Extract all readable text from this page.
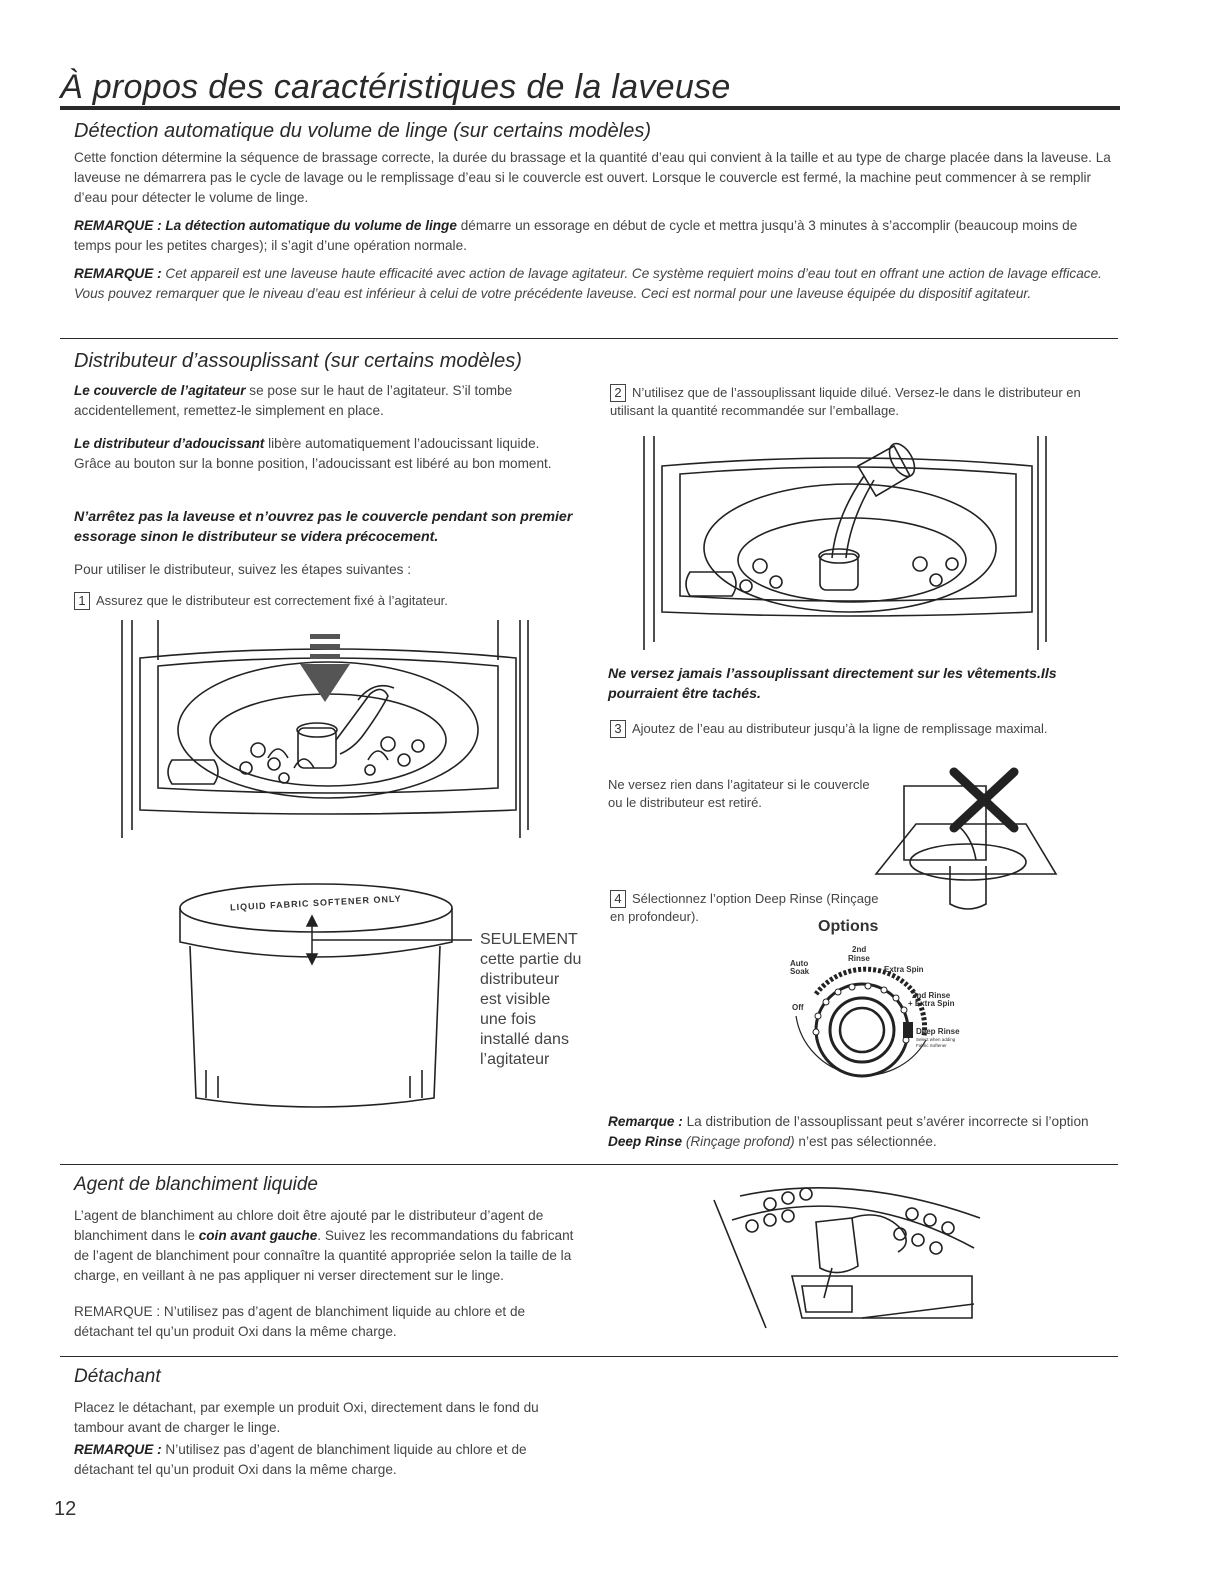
À propos des caractéristiques de la laveuse
Détection automatique du volume de linge (sur certains modèles)

Cette fonction détermine la séquence de brassage correcte, la durée du brassage et la quantité d’eau qui convient à la taille et au type de charge placée dans la laveuse. La laveuse ne démarrera pas le cycle de lavage ou le remplissage d’eau si le couvercle est ouvert. Lorsque le couvercle est fermé, la machine peut commencer à se remplir d’eau pour détecter le volume de linge.

REMARQUE : La détection automatique du volume de linge démarre un essorage en début de cycle et mettra jusqu’à 3 minutes à s’accomplir (beaucoup moins de temps pour les petites charges); il s’agit d’une opération normale.

REMARQUE : Cet appareil est une laveuse haute efficacité avec action de lavage agitateur. Ce système requiert moins d’eau tout en offrant une action de lavage efficace. Vous pouvez remarquer que le niveau d’eau est inférieur à celui de votre précédente laveuse. Ceci est normal pour une laveuse équipée du dispositif agitateur.

Distributeur d’assouplissant (sur certains modèles)

Le couvercle de l’agitateur se pose sur le haut de l’agitateur. S’il tombe accidentellement, remettez-le simplement en place.

Le distributeur d’adoucissant libère automatiquement l’adoucissant liquide. Grâce au bouton sur la bonne position, l’adoucissant est libéré au bon moment.

N’arrêtez pas la laveuse et n’ouvrez pas le couvercle pendant son premier essorage sinon le distributeur se videra précocement.

Pour utiliser le distributeur, suivez les étapes suivantes :

1 Assurez que le distributeur est correctement fixé à l’agitateur.

LIQUID FABRIC SOFTENER ONLY
SEULEMENT
cette partie du
distributeur
est visible
une fois
installé dans
l’agitateur

2 N’utilisez que de l’assouplissant liquide dilué. Versez-le dans le distributeur en utilisant la quantité recommandée sur l’emballage.

Ne versez jamais l’assouplissant directement sur les vêtements.Ils pourraient être tachés.

3 Ajoutez de l’eau au distributeur jusqu’à la ligne de remplissage maximal.

Ne versez rien dans l’agitateur si le couvercle ou le distributeur est retiré.

4 Sélectionnez l’option Deep Rinse (Rinçage en profondeur).

Options
2nd
Rinse
Auto
Soak	Extra Spin
Off
2nd Rinse
+ Extra Spin
Deep Rinse
Select when adding
Fabric Softener

Remarque : La distribution de l’assouplissant peut s’avérer incorrecte si l’option Deep Rinse (Rinçage profond) n’est pas sélectionnée.

Agent de blanchiment liquide

L’agent de blanchiment au chlore doit être ajouté par le distributeur d’agent de blanchiment dans le coin avant gauche. Suivez les recommandations du fabricant de l’agent de blanchiment pour connaître la quantité appropriée selon la taille de la charge, en veillant à ne pas appliquer ni verser directement sur le linge.

REMARQUE : N’utilisez pas d’agent de blanchiment liquide au chlore et de détachant tel qu’un produit Oxi dans la même charge.

Détachant

Placez le détachant, par exemple un produit Oxi, directement dans le fond du tambour avant de charger le linge.

REMARQUE : N’utilisez pas d’agent de blanchiment liquide au chlore et de détachant tel qu’un produit Oxi dans la même charge.

12
